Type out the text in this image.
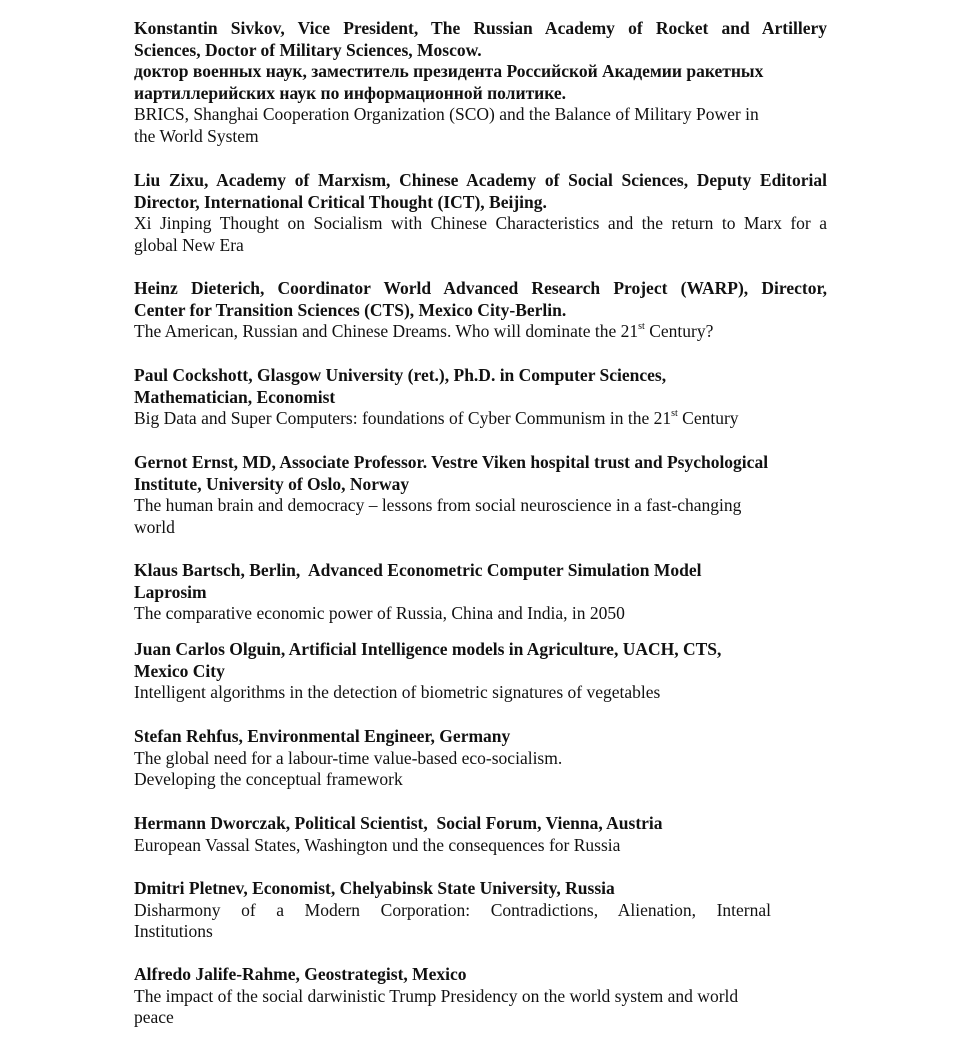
Konstantin Sivkov, Vice President, The Russian Academy of Rocket and Artillery
Sciences, Doctor of Military Sciences, Moscow.
доктор военных наук, заместитель президента Российской Академии ракетных
иартиллерийских наук по информационной политике.
BRICS, Shanghai Cooperation Organization (SCO) and the Balance of Military Power in
the World System
Liu Zixu, Academy of Marxism, Chinese Academy of Social Sciences, Deputy Editorial
Director, International Critical Thought (ICT), Beijing.
Xi Jinping Thought on Socialism with Chinese Characteristics and the return to Marx for a
global New Era
Heinz Dieterich, Coordinator World Advanced Research Project (WARP), Director,
Center for Transition Sciences (CTS), Mexico City-Berlin.
The American, Russian and Chinese Dreams. Who will dominate the 21st Century?
Paul Cockshott, Glasgow University (ret.), Ph.D. in Computer Sciences,
Mathematician, Economist
Big Data and Super Computers: foundations of Cyber Communism in the 21st Century
Gernot Ernst, MD, Associate Professor. Vestre Viken hospital trust and Psychological
Institute, University of Oslo, Norway
The human brain and democracy – lessons from social neuroscience in a fast-changing
world
Klaus Bartsch, Berlin,  Advanced Econometric Computer Simulation Model
Laprosim
The comparative economic power of Russia, China and India, in 2050
Juan Carlos Olguin, Artificial Intelligence models in Agriculture, UACH, CTS,
Mexico City
Intelligent algorithms in the detection of biometric signatures of vegetables
Stefan Rehfus, Environmental Engineer, Germany
The global need for a labour-time value-based eco-socialism.
Developing the conceptual framework
Hermann Dworczak, Political Scientist,  Social Forum, Vienna, Austria
European Vassal States, Washington und the consequences for Russia
Dmitri Pletnev, Economist, Chelyabinsk State University, Russia
Disharmony of a Modern Corporation: Contradictions, Alienation, Internal
Institutions
Alfredo Jalife-Rahme, Geostrategist, Mexico
The impact of the social darwinistic Trump Presidency on the world system and world
peace
